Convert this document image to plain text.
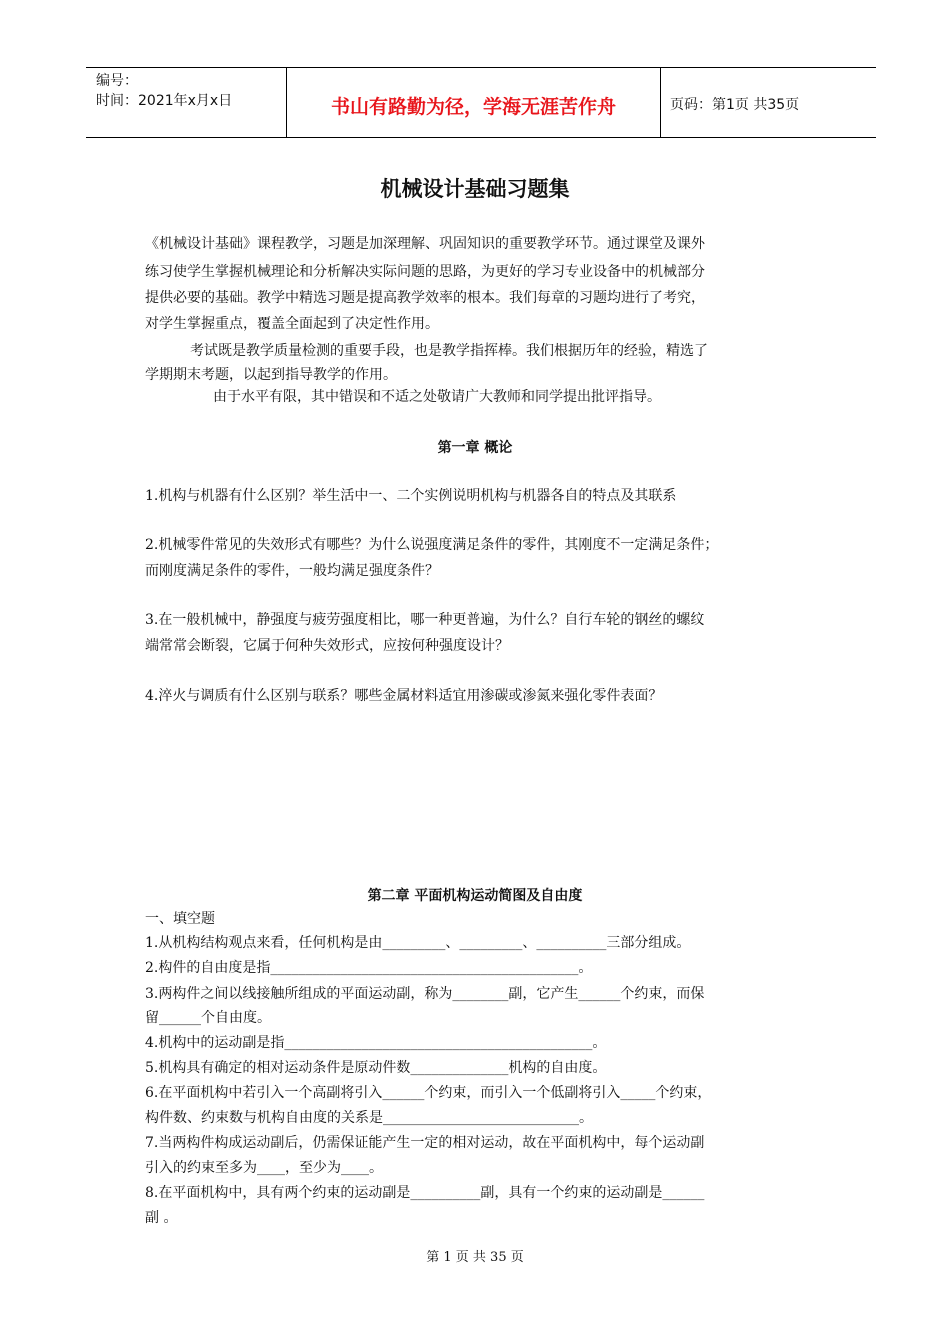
编号：
时间：2021年x月x日	书山有路勤为径，学海无涯苦作舟	页码：第1页 共35页
机械设计基础习题集
《机械设计基础》课程教学，习题是加深理解、巩固知识的重要教学环节。通过课堂及课外
练习使学生掌握机械理论和分析解决实际问题的思路，为更好的学习专业设备中的机械部分
提供必要的基础。教学中精选习题是提高教学效率的根本。我们每章的习题均进行了考究，
对学生掌握重点，覆盖全面起到了决定性作用。
考试既是教学质量检测的重要手段，也是教学指挥棒。我们根据历年的经验，精选了
学期期末考题，以起到指导教学的作用。
由于水平有限，其中错误和不适之处敬请广大教师和同学提出批评指导。
第一章 概论
1.机构与机器有什么区别？举生活中一、二个实例说明机构与机器各自的特点及其联系
2.机械零件常见的失效形式有哪些？为什么说强度满足条件的零件，其刚度不一定满足条件；
而刚度满足条件的零件，一般均满足强度条件？
3.在一般机械中，静强度与疲劳强度相比，哪一种更普遍，为什么？自行车轮的钢丝的螺纹
端常常会断裂，它属于何种失效形式，应按何种强度设计？
4.淬火与调质有什么区别与联系？哪些金属材料适宜用渗碳或渗氮来强化零件表面？
第二章 平面机构运动简图及自由度
一、填空题
1.从机构结构观点来看，任何机构是由_________、_________、__________三部分组成。
2.构件的自由度是指____________________________________________。
3.两构件之间以线接触所组成的平面运动副，称为________副，它产生______个约束，而保
留______个自由度。
4.机构中的运动副是指____________________________________________。
5.机构具有确定的相对运动条件是原动件数______________机构的自由度。
6.在平面机构中若引入一个高副将引入______个约束，而引入一个低副将引入_____个约束，
构件数、约束数与机构自由度的关系是____________________________。
7.当两构件构成运动副后，仍需保证能产生一定的相对运动，故在平面机构中，每个运动副
引入的约束至多为____，至少为____。
8.在平面机构中，具有两个约束的运动副是__________副，具有一个约束的运动副是______
副 。
第 1 页 共 35 页
